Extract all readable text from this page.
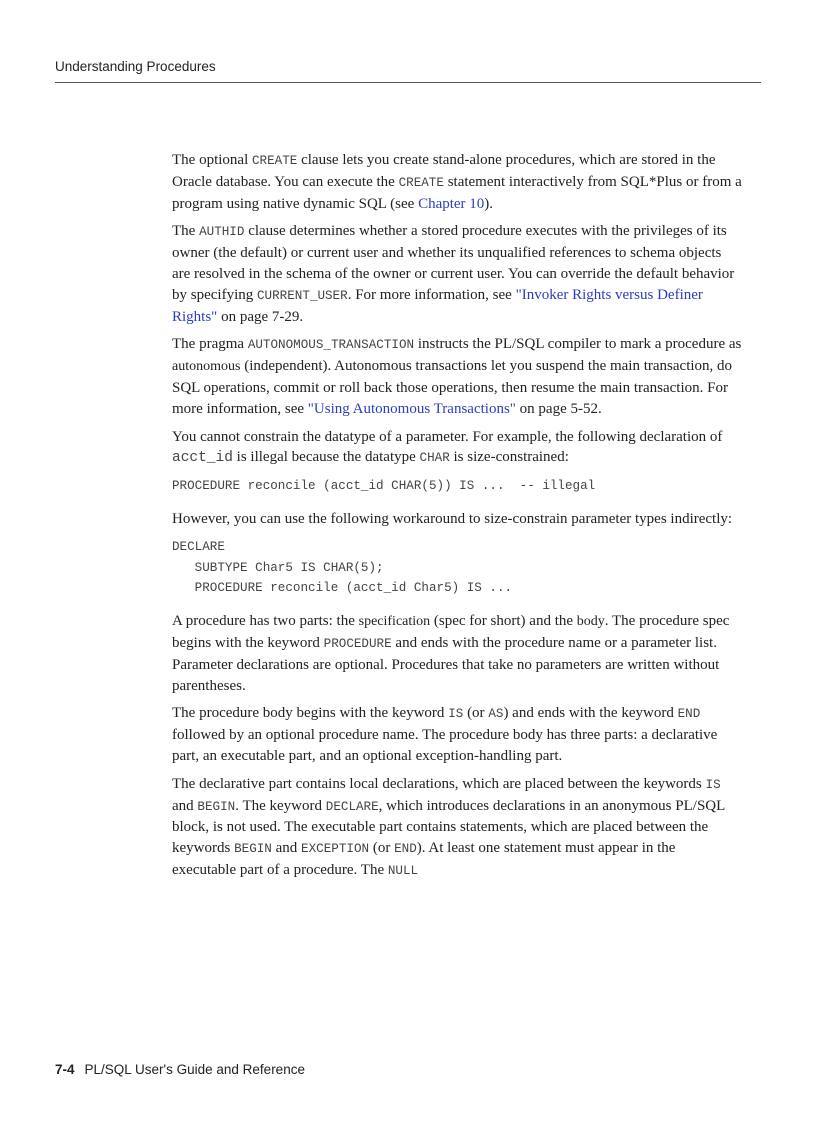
Understanding Procedures

The optional CREATE clause lets you create stand-alone procedures, which are stored in the Oracle database. You can execute the CREATE statement interactively from SQL*Plus or from a program using native dynamic SQL (see Chapter 10).

The AUTHID clause determines whether a stored procedure executes with the privileges of its owner (the default) or current user and whether its unqualified references to schema objects are resolved in the schema of the owner or current user. You can override the default behavior by specifying CURRENT_USER. For more information, see "Invoker Rights versus Definer Rights" on page 7-29.

The pragma AUTONOMOUS_TRANSACTION instructs the PL/SQL compiler to mark a procedure as autonomous (independent). Autonomous transactions let you suspend the main transaction, do SQL operations, commit or roll back those operations, then resume the main transaction. For more information, see "Using Autonomous Transactions" on page 5-52.

You cannot constrain the datatype of a parameter. For example, the following declaration of acct_id is illegal because the datatype CHAR is size-constrained:

PROCEDURE reconcile (acct_id CHAR(5)) IS ...  -- illegal

However, you can use the following workaround to size-constrain parameter types indirectly:

DECLARE
SUBTYPE Char5 IS CHAR(5);
PROCEDURE reconcile (acct_id Char5) IS ...

A procedure has two parts: the specification (spec for short) and the body. The procedure spec begins with the keyword PROCEDURE and ends with the procedure name or a parameter list. Parameter declarations are optional. Procedures that take no parameters are written without parentheses.

The procedure body begins with the keyword IS (or AS) and ends with the keyword END followed by an optional procedure name. The procedure body has three parts: a declarative part, an executable part, and an optional exception-handling part.

The declarative part contains local declarations, which are placed between the keywords IS and BEGIN. The keyword DECLARE, which introduces declarations in an anonymous PL/SQL block, is not used. The executable part contains statements, which are placed between the keywords BEGIN and EXCEPTION (or END). At least one statement must appear in the executable part of a procedure. The NULL

7-4 PL/SQL User's Guide and Reference
